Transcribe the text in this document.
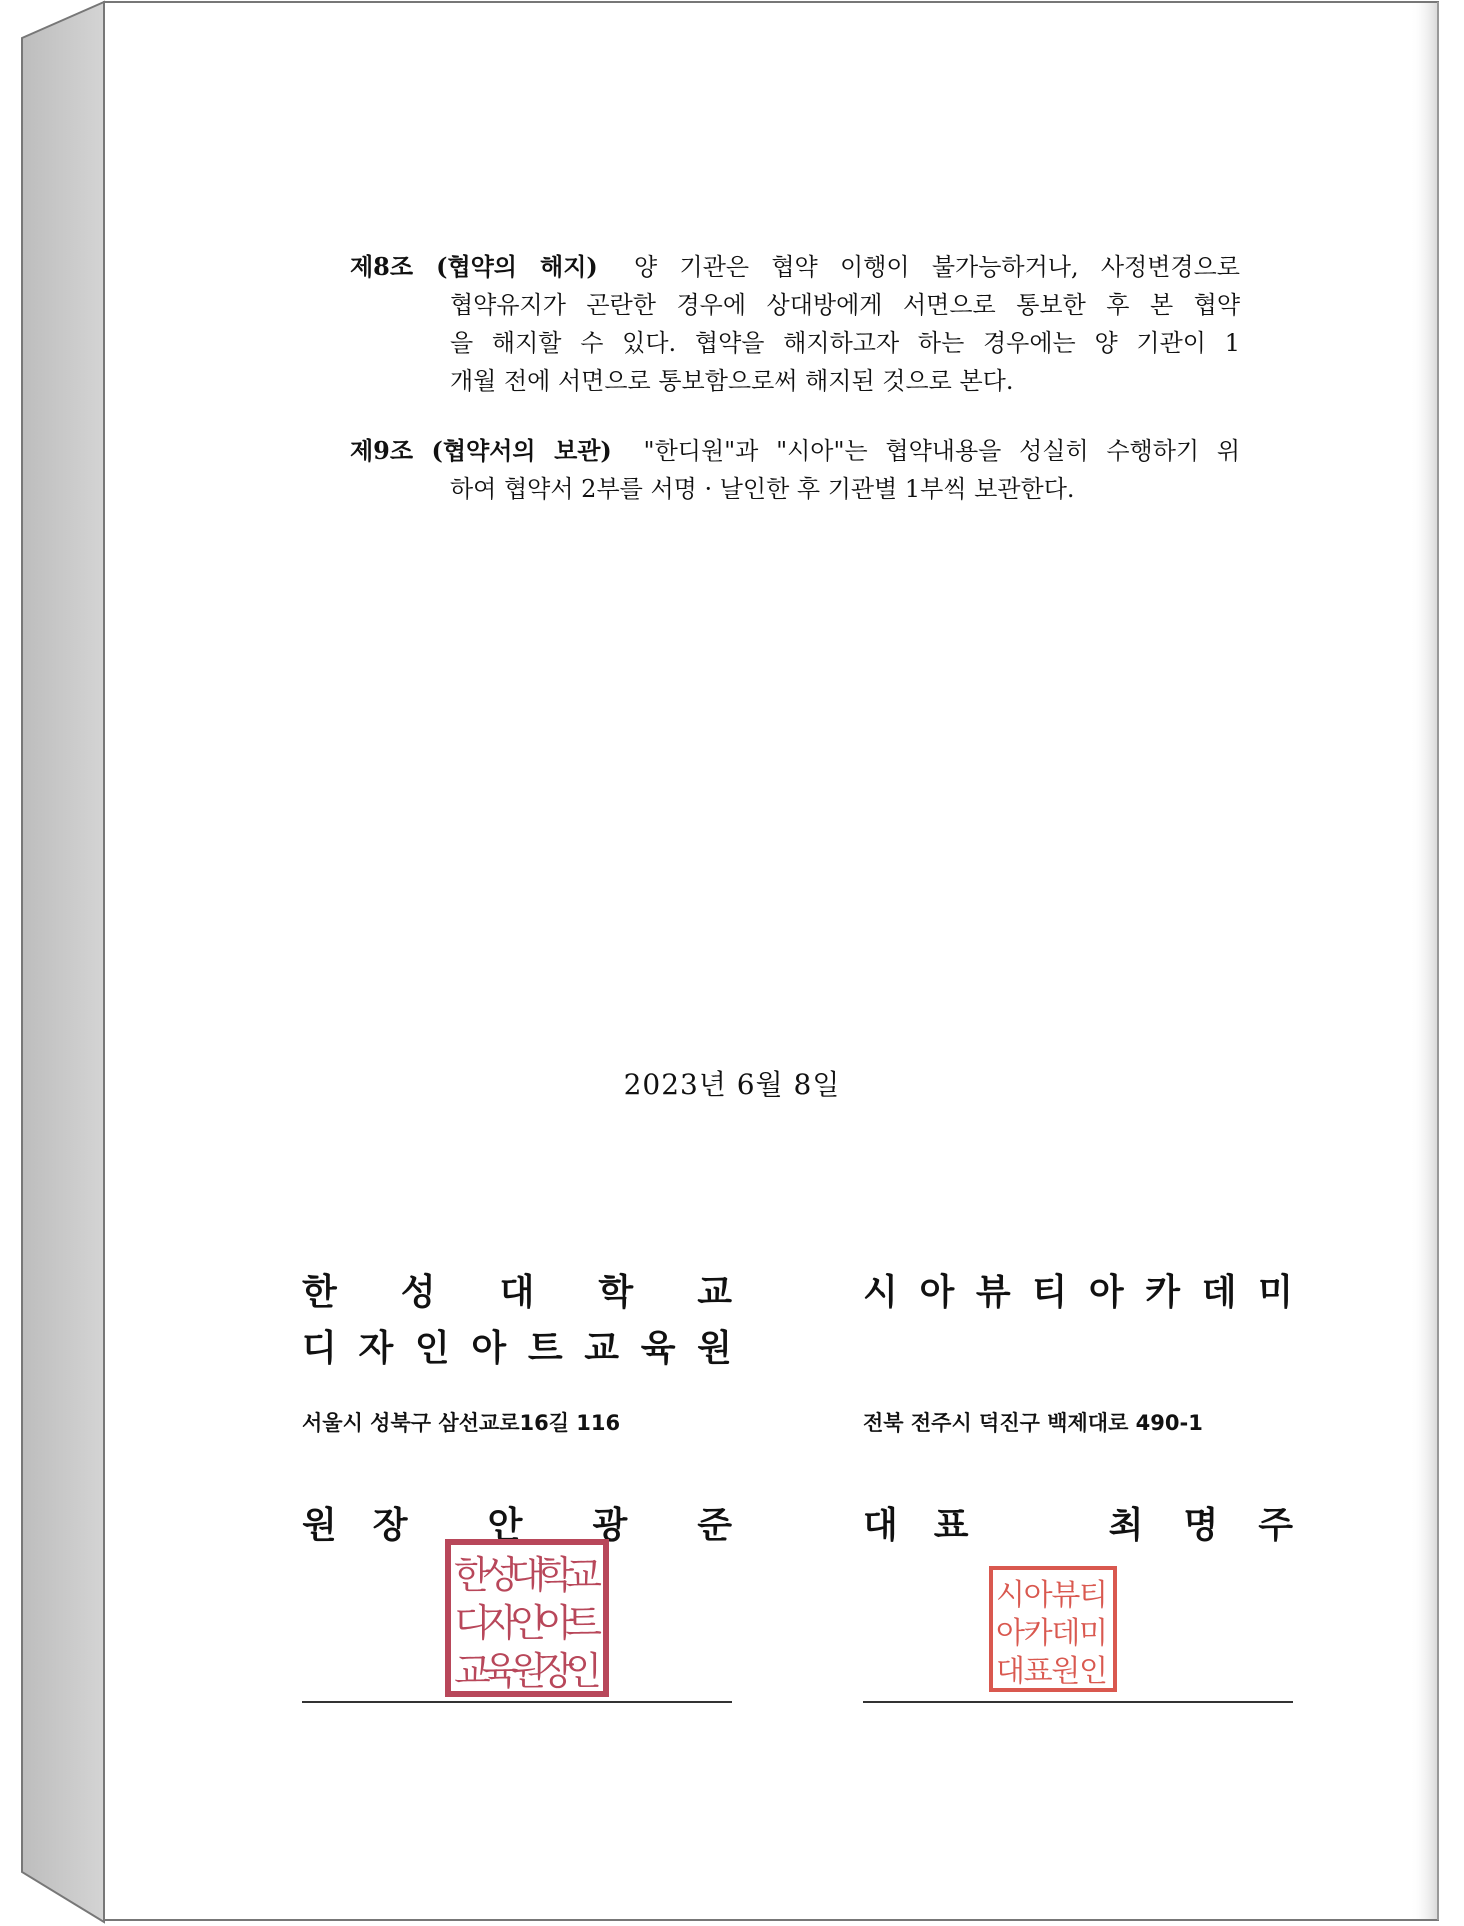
제8조 (협약의 해지) 양 기관은 협약 이행이 불가능하거나, 사정변경으로
협약유지가 곤란한 경우에 상대방에게 서면으로 통보한 후 본 협약
을 해지할 수 있다. 협약을 해지하고자 하는 경우에는 양 기관이 1
개월 전에 서면으로 통보함으로써 해지된 것으로 본다.
제9조 (협약서의 보관) "한디원"과 "시아"는 협약내용을 성실히 수행하기 위
하여 협약서 2부를 서명 · 날인한 후 기관별 1부씩 보관한다.
2023년 6월 8일
한 성 대 학 교
디 자 인 아 트 교 육 원
서울시 성북구 삼선교로16길 116
원 장 안 광 준
한성대학교
디자인아트
교육원장인
시 아 뷰 티 아 카 데 미
전북 전주시 덕진구 백제대로 490-1
대 표	최 명 주
시아뷰티
아카데미
대표원인
